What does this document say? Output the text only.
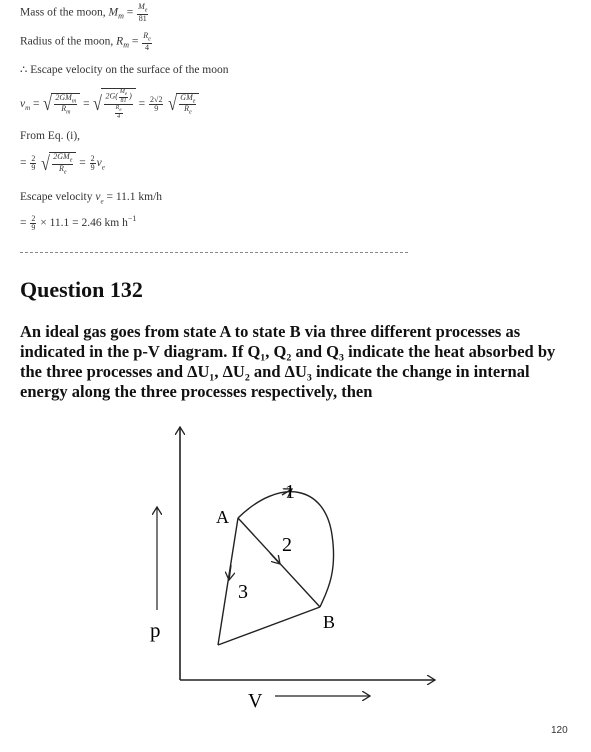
Mass of the moon, $M_m = \frac{M_e}{81}$
Radius of the moon, $R_m = \frac{R_e}{4}$
∴ Escape velocity on the surface of the moon
$v_m$ = √ $\frac{2GM_m}{R_m}$ = √ $\frac{2G( \frac{M_e}{81} )}{\frac{R_e}{4}} = \frac{2√2}{9}$ √ $\frac{GM_e}{R_e}$
From Eq. (i),
= $\frac{2}{9}$ √ $\frac{2GM_e}{R_e} = \frac{2}{9} v_e$
Escape velocity $v_e = 11.1$ km/h
= $\frac{2}{9} \times 11.1 = 2.46$ km $h^{-1}$
Question 132
An ideal gas goes from state A to state B via three different processes as indicated in the p-V diagram. If Q₁, Q₂ and Q₃ indicate the heat absorbed by the three processes and ΔU₁, ΔU₂ and ΔU₃ indicate the change in internal energy along the three processes respectively, then
A
B
1
2
3
p
V
120
